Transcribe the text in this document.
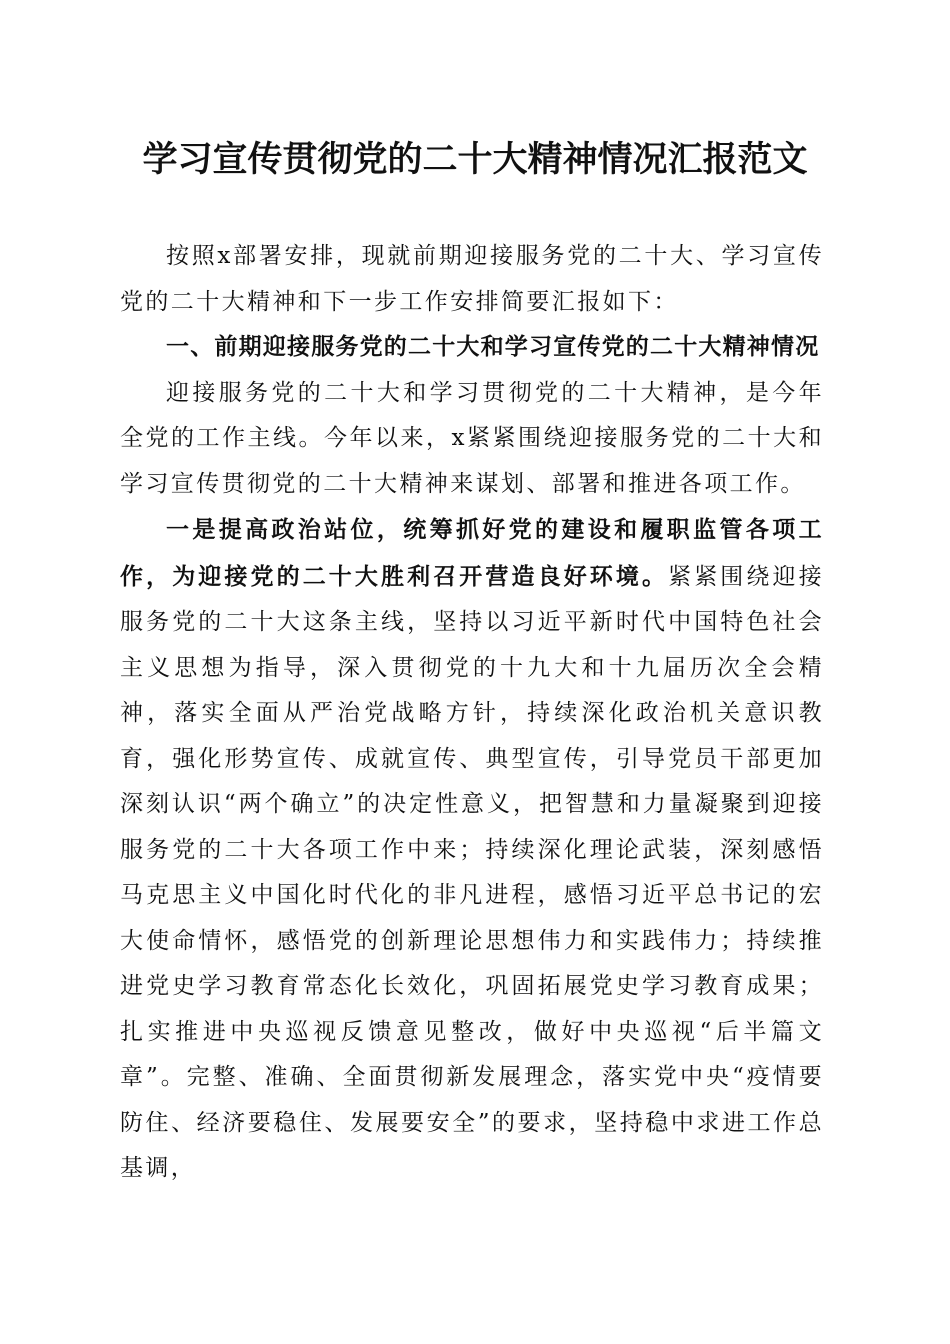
学习宣传贯彻党的二十大精神情况汇报范文

按照x部署安排，现就前期迎接服务党的二十大、学习宣传党的二十大精神和下一步工作安排简要汇报如下：

一、前期迎接服务党的二十大和学习宣传党的二十大精神情况

迎接服务党的二十大和学习贯彻党的二十大精神，是今年全党的工作主线。今年以来，x紧紧围绕迎接服务党的二十大和学习宣传贯彻党的二十大精神来谋划、部署和推进各项工作。

一是提高政治站位，统筹抓好党的建设和履职监管各项工作，为迎接党的二十大胜利召开营造良好环境。紧紧围绕迎接服务党的二十大这条主线，坚持以习近平新时代中国特色社会主义思想为指导，深入贯彻党的十九大和十九届历次全会精神，落实全面从严治党战略方针，持续深化政治机关意识教育，强化形势宣传、成就宣传、典型宣传，引导党员干部更加深刻认识“两个确立”的决定性意义，把智慧和力量凝聚到迎接服务党的二十大各项工作中来；持续深化理论武装，深刻感悟马克思主义中国化时代化的非凡进程，感悟习近平总书记的宏大使命情怀，感悟党的创新理论思想伟力和实践伟力；持续推进党史学习教育常态化长效化，巩固拓展党史学习教育成果；扎实推进中央巡视反馈意见整改，做好中央巡视“后半篇文章”。完整、准确、全面贯彻新发展理念，落实党中央“疫情要防住、经济要稳住、发展要安全”的要求，坚持稳中求进工作总基调，
